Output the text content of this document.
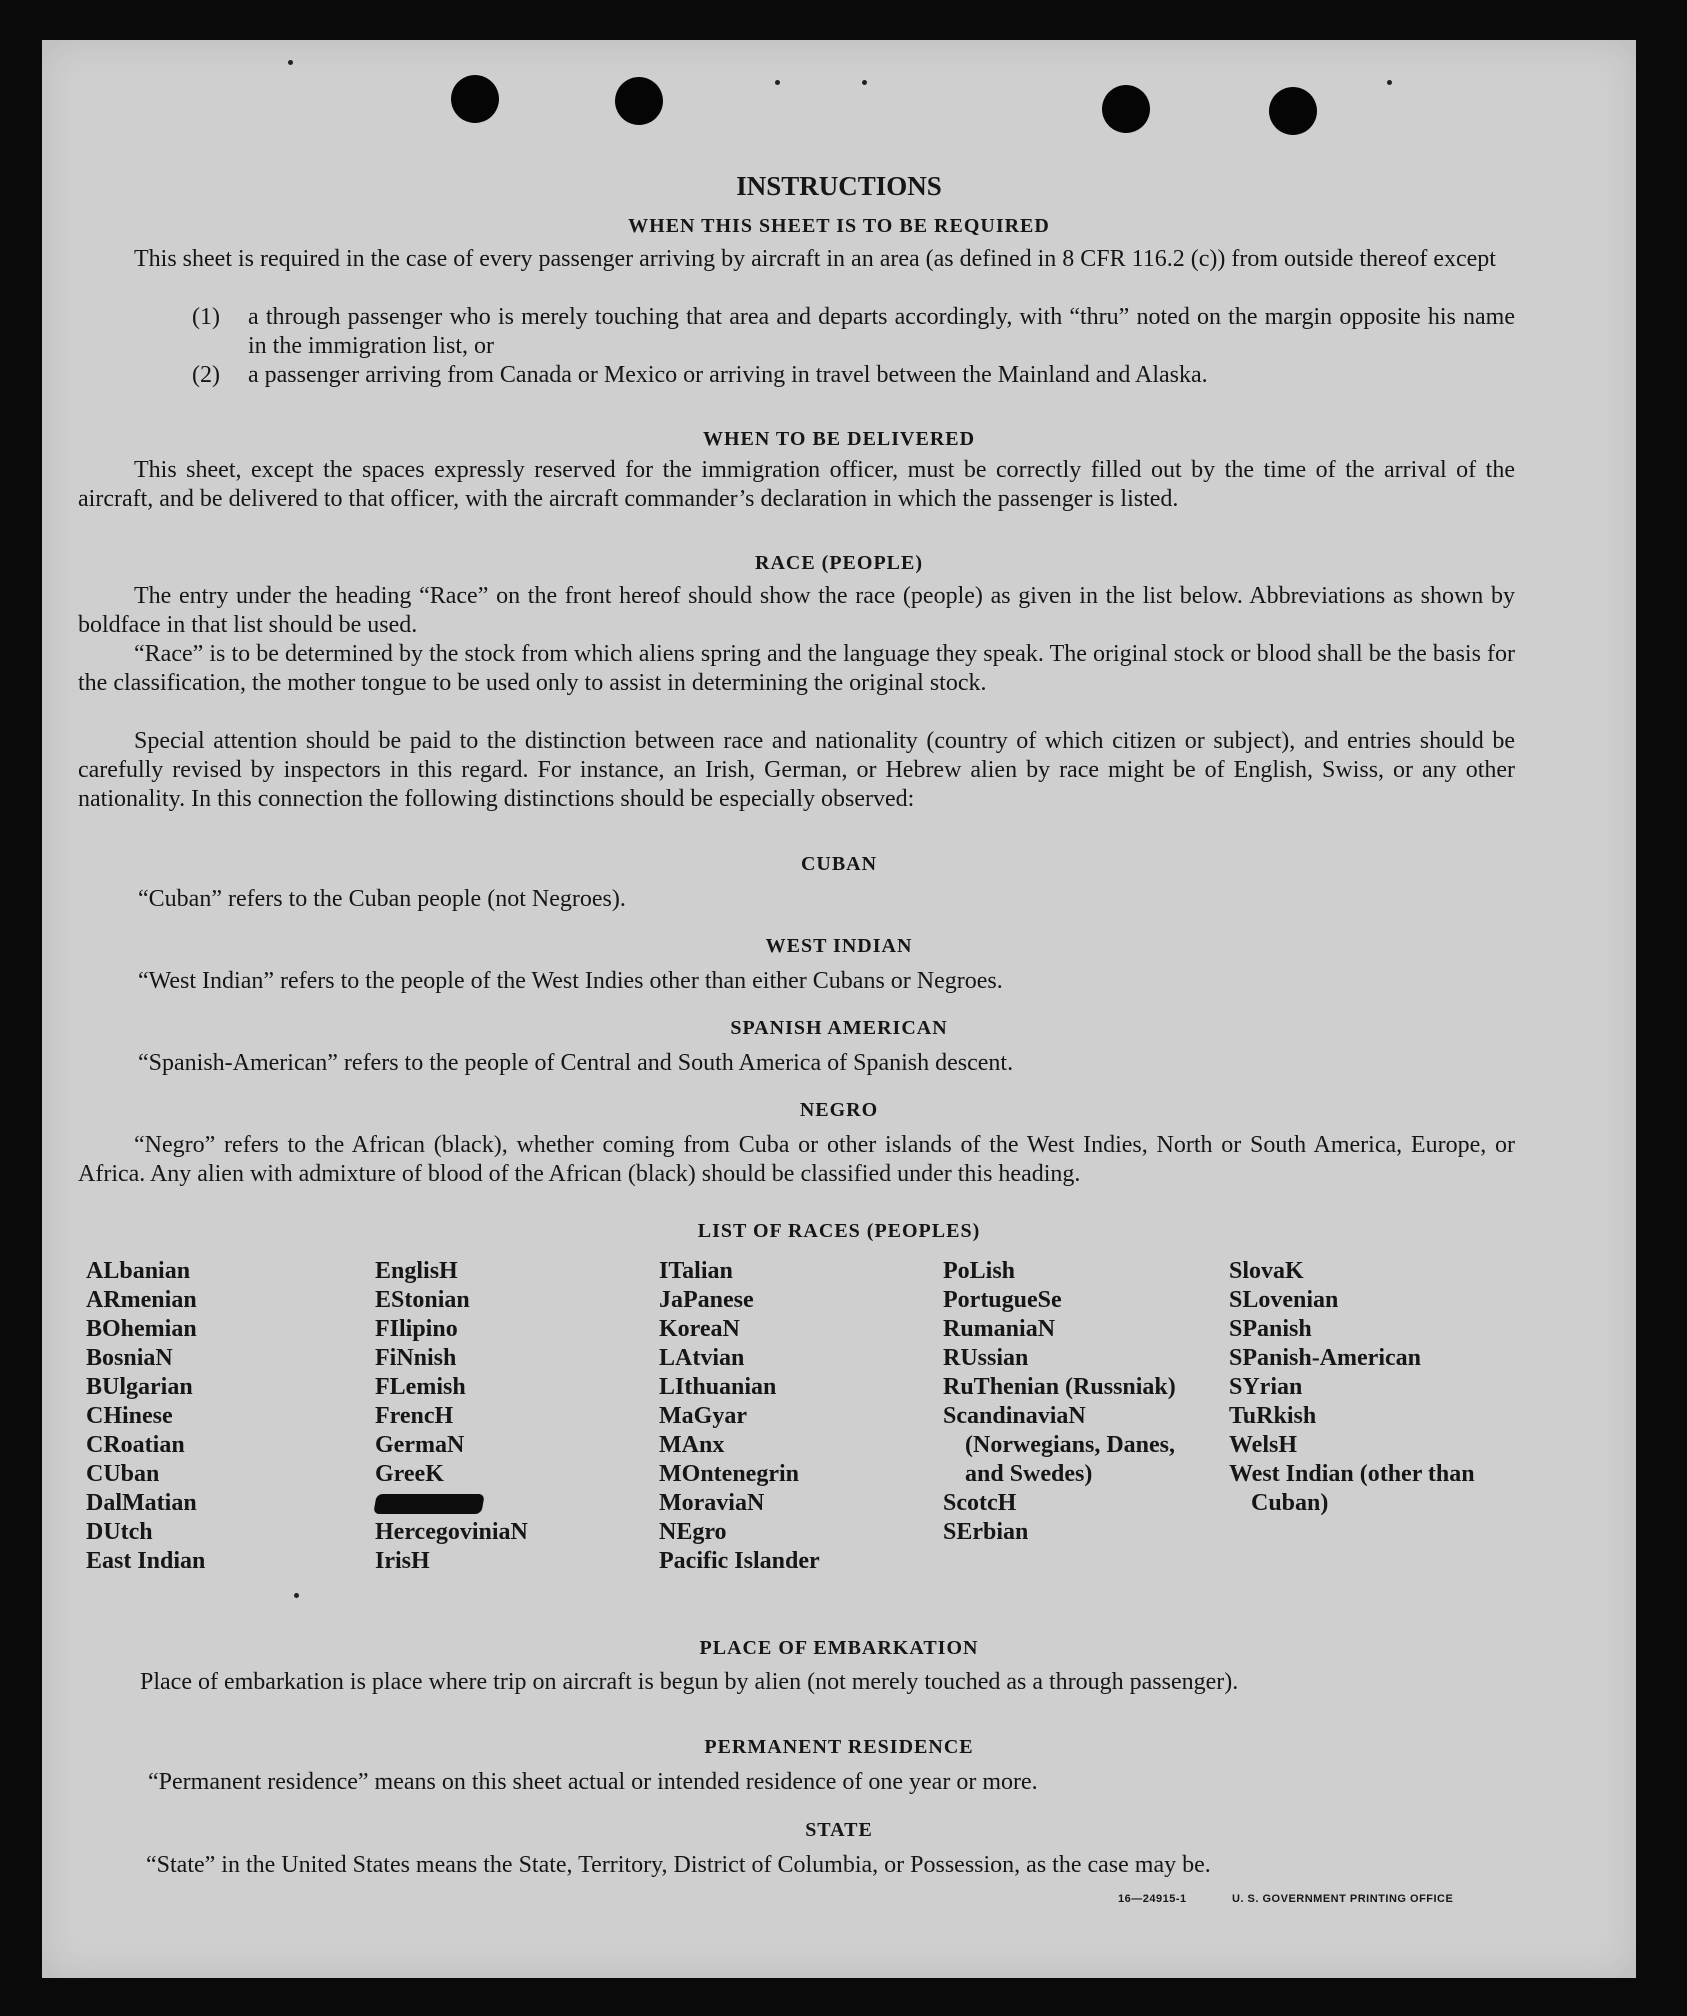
INSTRUCTIONS
WHEN THIS SHEET IS TO BE REQUIRED
This sheet is required in the case of every passenger arriving by aircraft in an area (as defined in 8 CFR 116.2 (c)) from outside thereof except
(1) a through passenger who is merely touching that area and departs accordingly, with “thru” noted on the margin opposite his name in the immigration list, or
(2) a passenger arriving from Canada or Mexico or arriving in travel between the Mainland and Alaska.
WHEN TO BE DELIVERED
This sheet, except the spaces expressly reserved for the immigration officer, must be correctly filled out by the time of the arrival of the aircraft, and be delivered to that officer, with the aircraft commander’s declaration in which the passenger is listed.
RACE (PEOPLE)
The entry under the heading “Race” on the front hereof should show the race (people) as given in the list below. Abbreviations as shown by boldface in that list should be used.
“Race” is to be determined by the stock from which aliens spring and the language they speak. The original stock or blood shall be the basis for the classification, the mother tongue to be used only to assist in determining the original stock.
Special attention should be paid to the distinction between race and nationality (country of which citizen or subject), and entries should be carefully revised by inspectors in this regard. For instance, an Irish, German, or Hebrew alien by race might be of English, Swiss, or any other nationality. In this connection the following distinctions should be especially observed:
CUBAN
“Cuban” refers to the Cuban people (not Negroes).
WEST INDIAN
“West Indian” refers to the people of the West Indies other than either Cubans or Negroes.
SPANISH AMERICAN
“Spanish-American” refers to the people of Central and South America of Spanish descent.
NEGRO
“Negro” refers to the African (black), whether coming from Cuba or other islands of the West Indies, North or South America, Europe, or Africa. Any alien with admixture of blood of the African (black) should be classified under this heading.
LIST OF RACES (PEOPLES)
ALbanian
ARmenian
BOhemian
BosniaN
BUlgarian
CHinese
CRoatian
CUban
DalMatian
DUtch
East Indian
EnglisH
EStonian
FIlipino
FiNnish
FLemish
FrencH
GermaN
GreeK
HercegoviniaN
IrisH
ITalian
JaPanese
KoreaN
LAtvian
LIthuanian
MaGyar
MAnx
MOntenegrin
MoraviaN
NEgro
Pacific Islander
PoLish
PortugueSe
RumaniaN
RUssian
RuThenian (Russniak)
ScandinaviaN (Norwegians, Danes, and Swedes)
ScotcH
SErbian
SlovaK
SLovenian
SPanish
SPanish-American
SYrian
TuRkish
WelsH
West Indian (other than Cuban)
PLACE OF EMBARKATION
Place of embarkation is place where trip on aircraft is begun by alien (not merely touched as a through passenger).
PERMANENT RESIDENCE
“Permanent residence” means on this sheet actual or intended residence of one year or more.
STATE
“State” in the United States means the State, Territory, District of Columbia, or Possession, as the case may be.
16—24915-1	U. S. GOVERNMENT PRINTING OFFICE
